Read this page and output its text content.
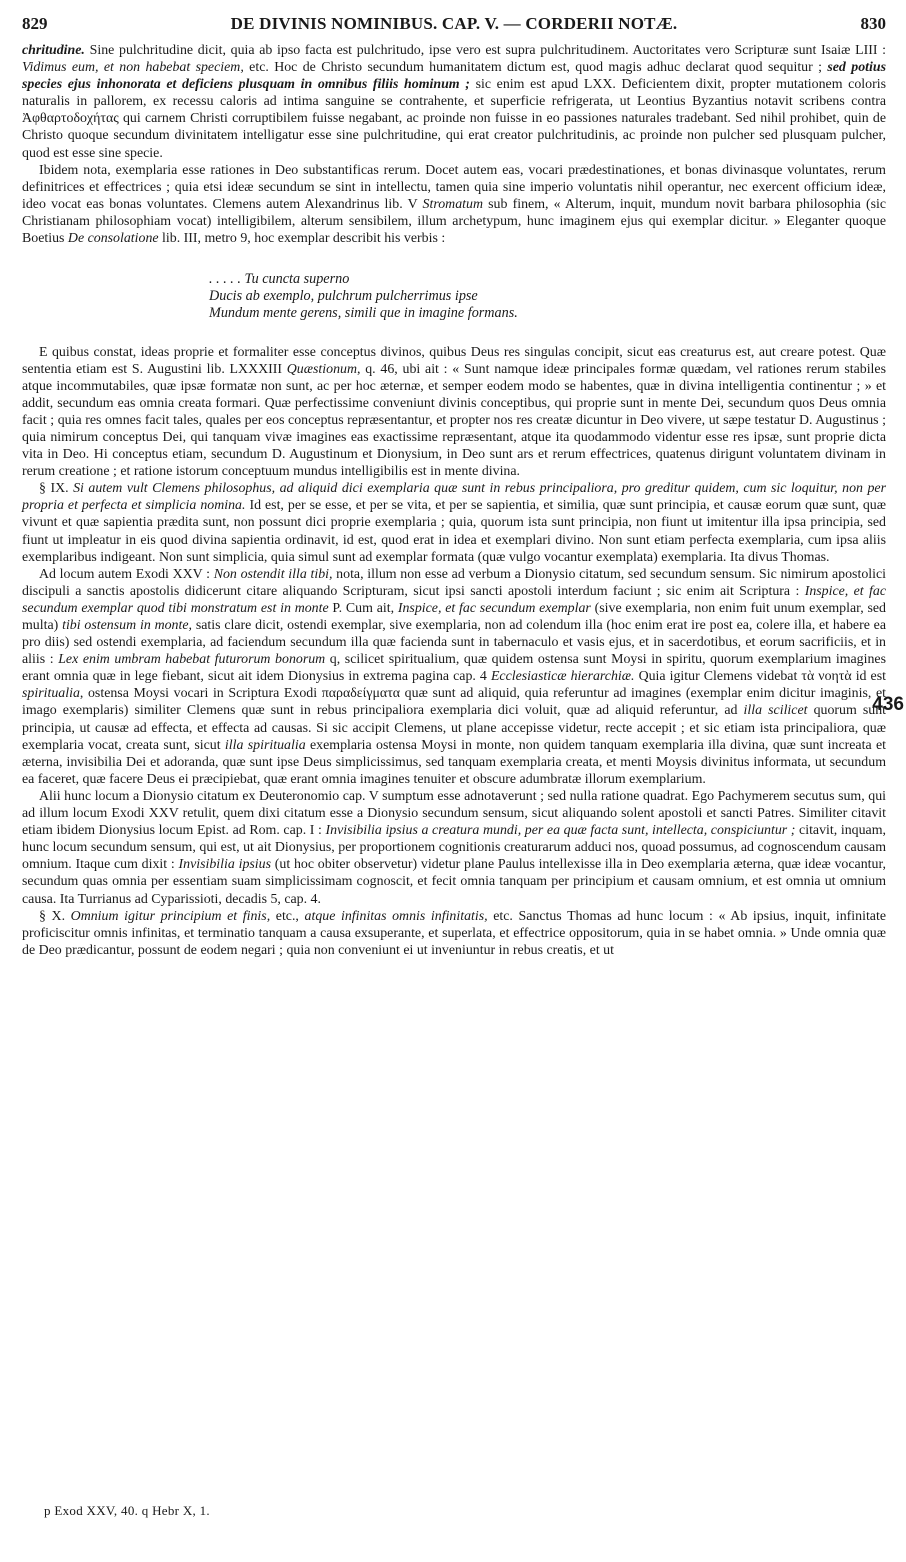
829	DE DIVINIS NOMINIBUS. CAP. V. — CORDERII NOTÆ.	830

chritudine. Sine pulchritudine dicit, quia ab ipso facta est pulchritudo, ipse vero est supra pulchritudinem. Auctoritates vero Scripturæ sunt Isaiæ LIII : Vidimus eum, et non habebat speciem, etc. Hoc de Christo secundum humanitatem dictum est, quod magis adhuc declarat quod sequitur ; sed potius species ejus inhonorata et deficiens plusquam in omnibus filiis hominum ; sic enim est apud LXX. Deficientem dixit, propter mutationem coloris naturalis in pallorem, ex recessu caloris ad intima sanguine se contrahente, et superficie refrigerata, ut Leontius Byzantius notavit scribens contra Ἀφθαρτοδοχήτας qui carnem Christi corruptibilem fuisse negabant, ac proinde non fuisse in eo passiones naturales tradebant. Sed nihil prohibet, quin de Christo quoque secundum divinitatem intelligatur esse sine pulchritudine, qui erat creator pulchritudinis, ac proinde non pulcher sed plusquam pulcher, quod est esse sine specie.

Ibidem nota, exemplaria esse rationes in Deo substantificas rerum. Docet autem eas, vocari prædestinationes, et bonas divinasque voluntates, rerum definitrices et effectrices ; quia etsi ideæ secundum se sint in intellectu, tamen quia sine imperio voluntatis nihil operantur, nec exercent officium ideæ, ideo vocat eas bonas voluntates. Clemens autem Alexandrinus lib. V Stromatum sub finem, « Alterum, inquit, mundum novit barbara philosophia (sic Christianam philosophiam vocat) intelligibilem, alterum sensibilem, illum archetypum, hunc imaginem ejus qui exemplar dicitur. » Eleganter quoque Boetius De consolatione lib. III, metro 9, hoc exemplar describit his verbis :

. . . . . Tu cuncta superno
Ducis ab exemplo, pulchrum pulcherrimus ipse
Mundum mente gerens, simili que in imagine formans.

E quibus constat, ideas proprie et formaliter esse conceptus divinos, quibus Deus res singulas concipit, sicut eas creaturus est, aut creare potest. Quæ sententia etiam est S. Augustini lib. LXXXIII Quæstionum, q. 46, ubi ait : « Sunt namque ideæ principales formæ quædam, vel rationes rerum stabiles atque incommutabiles, quæ ipsæ formatæ non sunt, ac per hoc æternæ, et semper eodem modo se habentes, quæ in divina intelligentia continentur ; » et addit, secundum eas omnia creata formari. Quæ perfectissime conveniunt divinis conceptibus, qui proprie sunt in mente Dei, secundum quos Deus omnia facit ; quia res omnes facit tales, quales per eos conceptus repræsentantur, et propter nos res creatæ dicuntur in Deo vivere, ut sæpe testatur D. Augustinus ; quia nimirum conceptus Dei, qui tanquam vivæ imagines eas exactissime repræsentant, atque ita quodammodo videntur esse res ipsæ, sunt proprie dicta vita in Deo. Hi conceptus etiam, secundum D. Augustinum et Dionysium, in Deo sunt ars et rerum effectrices, quatenus dirigunt voluntatem divinam in rerum creatione ; et ratione istorum conceptuum mundus intelligibilis est in mente divina.

§ IX. Si autem vult Clemens philosophus, ad aliquid dici exemplaria quæ sunt in rebus principaliora, pro greditur quidem, cum sic loquitur, non per propria et perfecta et simplicia nomina. Id est, per se esse, et per se vita, et per se sapientia, et similia, quæ sunt principia, et causæ eorum quæ sunt, quæ vivunt et quæ sapientia prædita sunt, non possunt dici proprie exemplaria ; quia, quorum ista sunt principia, non fiunt ut imitentur illa ipsa principia, sed fiunt ut impleatur in eis quod divina sapientia ordinavit, id est, quod erat in idea et exemplari divino. Non sunt etiam perfecta exemplaria, cum ipsa aliis exemplaribus indigeant. Non sunt simplicia, quia simul sunt ad exemplar formata (quæ vulgo vocantur exemplata) exemplaria. Ita divus Thomas.

Ad locum autem Exodi XXV : Non ostendit illa tibi, nota, illum non esse ad verbum a Dionysio citatum, sed secundum sensum. Sic nimirum apostolici discipuli a sanctis apostolis didicerunt citare aliquando Scripturam, sicut ipsi sancti apostoli interdum faciunt ; sic enim ait Scriptura : Inspice, et fac secundum exemplar quod tibi monstratum est in monte P. Cum ait, Inspice, et fac secundum exemplar (sive exemplaria, non enim fuit unum exemplar, sed multa) tibi ostensum in monte, satis clare dicit, ostendi exemplar, sive exemplaria, non ad colendum illa (hoc enim erat ire post ea, colere illa, et habere ea pro diis) sed ostendi exemplaria, ad faciendum secundum illa quæ facienda sunt in tabernaculo et vasis ejus, et in sacerdotibus, et eorum sacrificiis, et in aliis : Lex enim umbram habebat futurorum bonorum q, scilicet spiritualium, quæ quidem ostensa sunt Moysi in spiritu, quorum exemplarium imagines erant omnia quæ in lege fiebant, sicut ait idem Dionysius in extrema pagina cap. 4 Ecclesiasticæ hierarchiæ. Quia igitur Clemens videbat τὰ νοητὰ id est spiritualia, ostensa Moysi vocari in Scriptura Exodi παραδείγματα quæ sunt ad aliquid, quia referuntur ad imagines (exemplar enim dicitur imaginis, et imago exemplaris) similiter Clemens quæ sunt in rebus principaliora exemplaria dici voluit, quæ ad aliquid referuntur, ad illa scilicet quorum sunt principia, ut causæ ad effecta, et effecta ad causas. Si sic accipit Clemens, ut plane accepisse videtur, recte accepit ; et sic etiam ista principaliora, quæ exemplaria vocat, creata sunt, sicut illa spiritualia exemplaria ostensa Moysi in monte, non quidem tanquam exemplaria illa divina, quæ sunt increata et æterna, invisibilia Dei et adoranda, quæ sunt ipse Deus simplicissimus, sed tanquam exemplaria creata, et menti Moysis divinitus informata, ut secundum ea faceret, quæ facere Deus ei præcipiebat, quæ erant omnia imagines tenuiter et obscure adumbratæ illorum exemplarium.

Alii hunc locum a Dionysio citatum ex Deuteronomio cap. V sumptum esse adnotaverunt ; sed nulla ratione quadrat. Ego Pachymerem secutus sum, qui ad illum locum Exodi XXV retulit, quem dixi citatum esse a Dionysio secundum sensum, sicut aliquando solent apostoli et sancti Patres. Similiter citavit etiam ibidem Dionysius locum Epist. ad Rom. cap. I : Invisibilia ipsius a creatura mundi, per ea quæ facta sunt, intellecta, conspiciuntur ; citavit, inquam, hunc locum secundum sensum, qui est, ut ait Dionysius, per proportionem cognitionis creaturarum adduci nos, quoad possumus, ad cognoscendum causam omnium. Itaque cum dixit : Invisibilia ipsius (ut hoc obiter observetur) videtur plane Paulus intellexisse illa in Deo exemplaria æterna, quæ ideæ vocantur, secundum quas omnia per essentiam suam simplicissimam cognoscit, et fecit omnia tanquam per principium et causam omnium, et est omnia ut omnium causa. Ita Turrianus ad Cyparissioti, decadis 5, cap. 4.

§ X. Omnium igitur principium et finis, etc., atque infinitas omnis infinitatis, etc. Sanctus Thomas ad hunc locum : « Ab ipsius, inquit, infinitate proficiscitur omnis infinitas, et terminatio tanquam a causa exsuperante, et superlata, et effectrice oppositorum, quia in se habet omnia. » Unde omnia quæ de Deo prædicantur, possunt de eodem negari ; quia non conveniunt ei ut inveniuntur in rebus creatis, et ut

436
p Exod XXV, 40. q Hebr X, 1.
